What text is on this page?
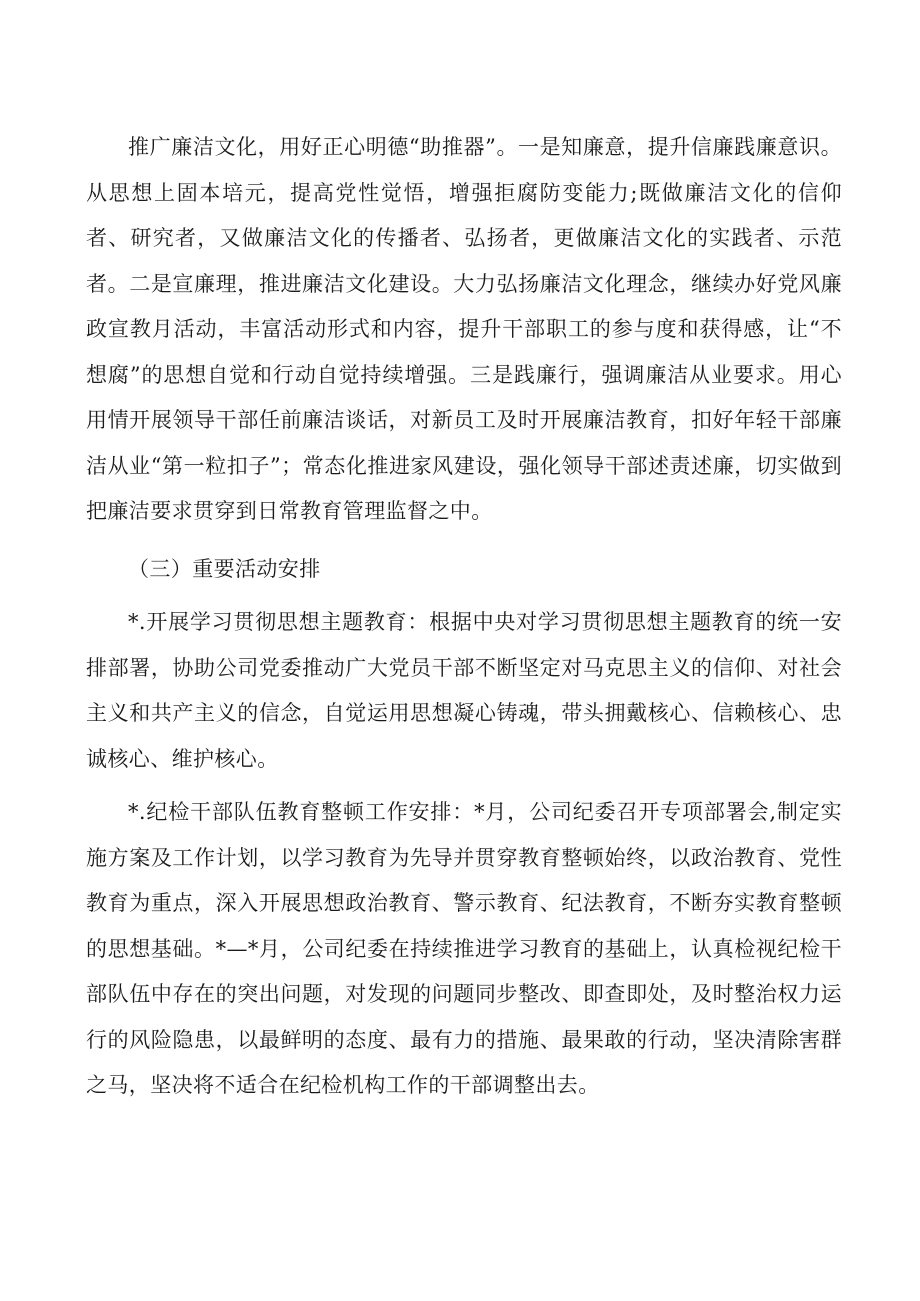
推广廉洁文化，用好正心明德“助推器”。一是知廉意，提升信廉践廉意识。从思想上固本培元，提高党性觉悟，增强拒腐防变能力;既做廉洁文化的信仰者、研究者，又做廉洁文化的传播者、弘扬者，更做廉洁文化的实践者、示范者。二是宣廉理，推进廉洁文化建设。大力弘扬廉洁文化理念，继续办好党风廉政宣教月活动，丰富活动形式和内容，提升干部职工的参与度和获得感，让“不想腐”的思想自觉和行动自觉持续增强。三是践廉行，强调廉洁从业要求。用心用情开展领导干部任前廉洁谈话，对新员工及时开展廉洁教育，扣好年轻干部廉洁从业“第一粒扣子”；常态化推进家风建设，强化领导干部述责述廉，切实做到把廉洁要求贯穿到日常教育管理监督之中。

（三）重要活动安排

*.开展学习贯彻思想主题教育：根据中央对学习贯彻思想主题教育的统一安排部署，协助公司党委推动广大党员干部不断坚定对马克思主义的信仰、对社会主义和共产主义的信念，自觉运用思想凝心铸魂，带头拥戴核心、信赖核心、忠诚核心、维护核心。

*.纪检干部队伍教育整顿工作安排：*月，公司纪委召开专项部署会,制定实施方案及工作计划，以学习教育为先导并贯穿教育整顿始终，以政治教育、党性教育为重点，深入开展思想政治教育、警示教育、纪法教育，不断夯实教育整顿的思想基础。*—*月，公司纪委在持续推进学习教育的基础上，认真检视纪检干部队伍中存在的突出问题，对发现的问题同步整改、即查即处，及时整治权力运行的风险隐患，以最鲜明的态度、最有力的措施、最果敢的行动，坚决清除害群之马，坚决将不适合在纪检机构工作的干部调整出去。
